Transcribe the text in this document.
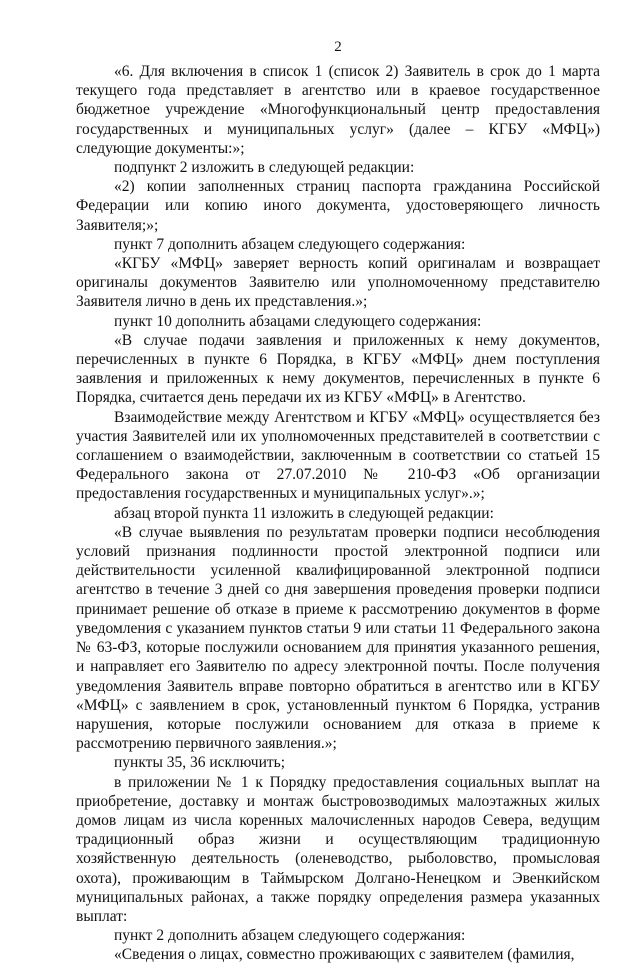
2

«6. Для включения в список 1 (список 2) Заявитель в срок до 1 марта текущего года представляет в агентство или в краевое государственное бюджетное учреждение «Многофункциональный центр предоставления государственных и муниципальных услуг» (далее – КГБУ «МФЦ») следующие документы:»;

подпункт 2 изложить в следующей редакции:

«2) копии заполненных страниц паспорта гражданина Российской Федерации или копию иного документа, удостоверяющего личность Заявителя;»;

пункт 7 дополнить абзацем следующего содержания:

«КГБУ «МФЦ» заверяет верность копий оригиналам и возвращает оригиналы документов Заявителю или уполномоченному представителю Заявителя лично в день их представления.»;

пункт 10 дополнить абзацами следующего содержания:

«В случае подачи заявления и приложенных к нему документов, перечисленных в пункте 6 Порядка, в КГБУ «МФЦ» днем поступления заявления и приложенных к нему документов, перечисленных в пункте 6 Порядка, считается день передачи их из КГБУ «МФЦ» в Агентство.

Взаимодействие между Агентством и КГБУ «МФЦ» осуществляется без участия Заявителей или их уполномоченных представителей в соответствии с соглашением о взаимодействии, заключенным в соответствии со статьей 15 Федерального закона от 27.07.2010 № 210-ФЗ «Об организации предоставления государственных и муниципальных услуг».»;

абзац второй пункта 11 изложить в следующей редакции:

«В случае выявления по результатам проверки подписи несоблюдения условий признания подлинности простой электронной подписи или действительности усиленной квалифицированной электронной подписи агентство в течение 3 дней со дня завершения проведения проверки подписи принимает решение об отказе в приеме к рассмотрению документов в форме уведомления с указанием пунктов статьи 9 или статьи 11 Федерального закона № 63-ФЗ, которые послужили основанием для принятия указанного решения, и направляет его Заявителю по адресу электронной почты. После получения уведомления Заявитель вправе повторно обратиться в агентство или в КГБУ «МФЦ» с заявлением в срок, установленный пунктом 6 Порядка, устранив нарушения, которые послужили основанием для отказа в приеме к рассмотрению первичного заявления.»;

пункты 35, 36 исключить;

в приложении № 1 к Порядку предоставления социальных выплат на приобретение, доставку и монтаж быстровозводимых малоэтажных жилых домов лицам из числа коренных малочисленных народов Севера, ведущим традиционный образ жизни и осуществляющим традиционную хозяйственную деятельность (оленеводство, рыболовство, промысловая охота), проживающим в Таймырском Долгано-Ненецком и Эвенкийском муниципальных районах, а также порядку определения размера указанных выплат:

пункт 2 дополнить абзацем следующего содержания:

«Сведения о лицах, совместно проживающих с заявителем (фамилия,
